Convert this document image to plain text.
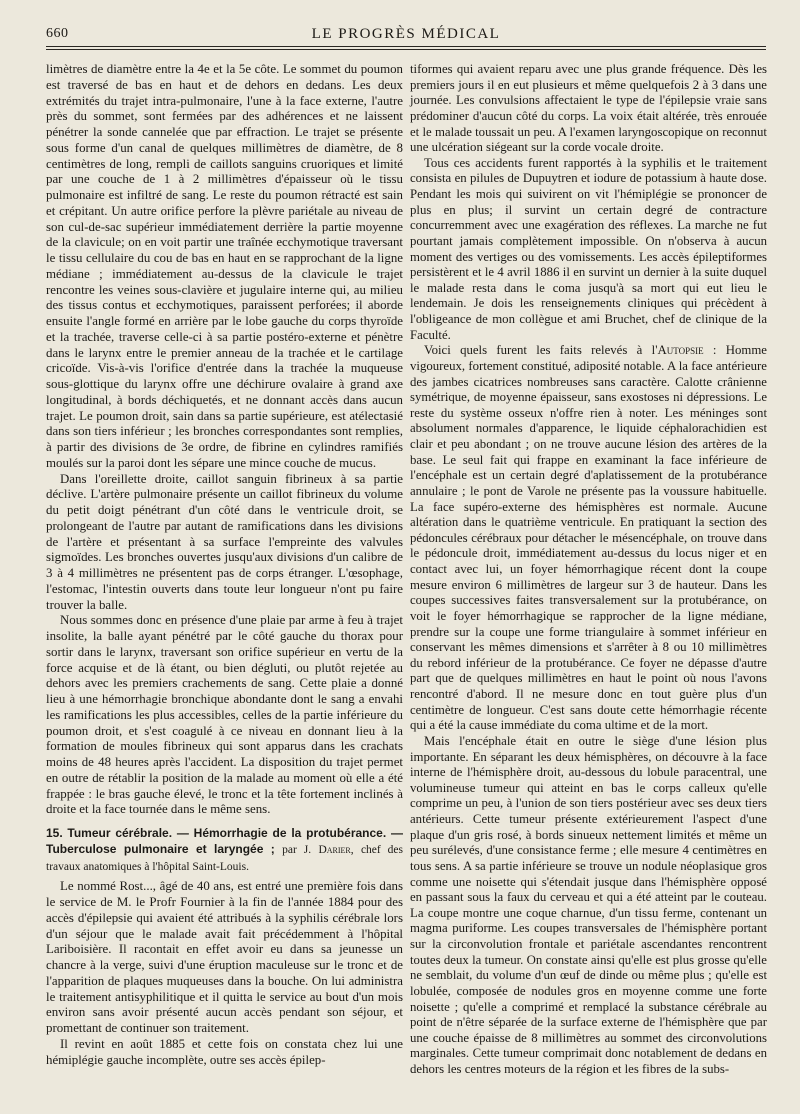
660	LE PROGRÈS MÉDICAL

limètres de diamètre entre la 4e et la 5e côte. Le sommet du poumon est traversé de bas en haut et de dehors en dedans. Les deux extrémités du trajet intra-pulmonaire, l'une à la face externe, l'autre près du sommet, sont fermées par des adhérences et ne laissent pénétrer la sonde cannelée que par effraction. Le trajet se présente sous forme d'un canal de quelques millimètres de diamètre, de 8 centimètres de long, rempli de caillots sanguins cruoriques et limité par une couche de 1 à 2 millimètres d'épaisseur où le tissu pulmonaire est infiltré de sang. Le reste du poumon rétracté est sain et crépitant. Un autre orifice perfore la plèvre pariétale au niveau de son cul-de-sac supérieur immédiatement derrière la partie moyenne de la clavicule; on en voit partir une traînée ecchymotique traversant le tissu cellulaire du cou de bas en haut en se rapprochant de la ligne médiane ; immédiatement au-dessus de la clavicule le trajet rencontre les veines sous-clavière et jugulaire interne qui, au milieu des tissus contus et ecchymotiques, paraissent perforées; il aborde ensuite l'angle formé en arrière par le lobe gauche du corps thyroïde et la trachée, traverse celle-ci à sa partie postéro-externe et pénètre dans le larynx entre le premier anneau de la trachée et le cartilage cricoïde. Vis-à-vis l'orifice d'entrée dans la trachée la muqueuse sous-glottique du larynx offre une déchirure ovalaire à grand axe longitudinal, à bords déchiquetés, et ne donnant accès dans aucun trajet. Le poumon droit, sain dans sa partie supérieure, est atélectasié dans son tiers inférieur ; les bronches correspondantes sont remplies, à partir des divisions de 3e ordre, de fibrine en cylindres ramifiés moulés sur la paroi dont les sépare une mince couche de mucus.

Dans l'oreillette droite, caillot sanguin fibrineux à sa partie déclive. L'artère pulmonaire présente un caillot fibrineux du volume du petit doigt pénétrant d'un côté dans le ventricule droit, se prolongeant de l'autre par autant de ramifications dans les divisions de l'artère et présentant à sa surface l'empreinte des valvules sigmoïdes. Les bronches ouvertes jusqu'aux divisions d'un calibre de 3 à 4 millimètres ne présentent pas de corps étranger. L'œsophage, l'estomac, l'intestin ouverts dans toute leur longueur n'ont pu faire trouver la balle.

Nous sommes donc en présence d'une plaie par arme à feu à trajet insolite, la balle ayant pénétré par le côté gauche du thorax pour sortir dans le larynx, traversant son orifice supérieur en vertu de la force acquise et de là étant, ou bien dégluti, ou plutôt rejetée au dehors avec les premiers crachements de sang. Cette plaie a donné lieu à une hémorrhagie bronchique abondante dont le sang a envahi les ramifications les plus accessibles, celles de la partie inférieure du poumon droit, et s'est coagulé à ce niveau en donnant lieu à la formation de moules fibrineux qui sont apparus dans les crachats moins de 48 heures après l'accident. La disposition du trajet permet en outre de rétablir la position de la malade au moment où elle a été frappée : le bras gauche élevé, le tronc et la tête fortement inclinés à droite et la face tournée dans le même sens.

15. Tumeur cérébrale. — Hémorrhagie de la protubérance. — Tuberculose pulmonaire et laryngée ; par J. Darier, chef des travaux anatomiques à l'hôpital Saint-Louis.

Le nommé Rost..., âgé de 40 ans, est entré une première fois dans le service de M. le Profr Fournier à la fin de l'année 1884 pour des accès d'épilepsie qui avaient été attribués à la syphilis cérébrale lors d'un séjour que le malade avait fait précédemment à l'hôpital Lariboisière. Il racontait en effet avoir eu dans sa jeunesse un chancre à la verge, suivi d'une éruption maculeuse sur le tronc et de l'apparition de plaques muqueuses dans la bouche. On lui administra le traitement antisyphilitique et il quitta le service au bout d'un mois environ sans avoir présenté aucun accès pendant son séjour, et promettant de continuer son traitement.

Il revint en août 1885 et cette fois on constata chez lui une hémiplégie gauche incomplète, outre ses accès épilep-

tiformes qui avaient reparu avec une plus grande fréquence. Dès les premiers jours il en eut plusieurs et même quelquefois 2 à 3 dans une journée. Les convulsions affectaient le type de l'épilepsie vraie sans prédominer d'aucun côté du corps. La voix était altérée, très enrouée et le malade toussait un peu. A l'examen laryngoscopique on reconnut une ulcération siégeant sur la corde vocale droite.

Tous ces accidents furent rapportés à la syphilis et le traitement consista en pilules de Dupuytren et iodure de potassium à haute dose. Pendant les mois qui suivirent on vit l'hémiplégie se prononcer de plus en plus; il survint un certain degré de contracture concurremment avec une exagération des réflexes. La marche ne fut pourtant jamais complètement impossible. On n'observa à aucun moment des vertiges ou des vomissements. Les accès épileptiformes persistèrent et le 4 avril 1886 il en survint un dernier à la suite duquel le malade resta dans le coma jusqu'à sa mort qui eut lieu le lendemain. Je dois les renseignements cliniques qui précèdent à l'obligeance de mon collègue et ami Bruchet, chef de clinique de la Faculté.

Voici quels furent les faits relevés à l'Autopsie : Homme vigoureux, fortement constitué, adiposité notable. A la face antérieure des jambes cicatrices nombreuses sans caractère. Calotte crânienne symétrique, de moyenne épaisseur, sans exostoses ni dépressions. Le reste du système osseux n'offre rien à noter. Les méninges sont absolument normales d'apparence, le liquide céphalorachidien est clair et peu abondant ; on ne trouve aucune lésion des artères de la base. Le seul fait qui frappe en examinant la face inférieure de l'encéphale est un certain degré d'aplatissement de la protubérance annulaire ; le pont de Varole ne présente pas la voussure habituelle. La face supéro-externe des hémisphères est normale. Aucune altération dans le quatrième ventricule. En pratiquant la section des pédoncules cérébraux pour détacher le mésencéphale, on trouve dans le pédoncule droit, immédiatement au-dessus du locus niger et en contact avec lui, un foyer hémorrhagique récent dont la coupe mesure environ 6 millimètres de largeur sur 3 de hauteur. Dans les coupes successives faites transversalement sur la protubérance, on voit le foyer hémorrhagique se rapprocher de la ligne médiane, prendre sur la coupe une forme triangulaire à sommet inférieur en conservant les mêmes dimensions et s'arrêter à 8 ou 10 millimètres du rebord inférieur de la protubérance. Ce foyer ne dépasse d'autre part que de quelques millimètres en haut le point où nous l'avons rencontré d'abord. Il ne mesure donc en tout guère plus d'un centimètre de longueur. C'est sans doute cette hémorrhagie récente qui a été la cause immédiate du coma ultime et de la mort.

Mais l'encéphale était en outre le siège d'une lésion plus importante. En séparant les deux hémisphères, on découvre à la face interne de l'hémisphère droit, au-dessous du lobule paracentral, une volumineuse tumeur qui atteint en bas le corps calleux qu'elle comprime un peu, à l'union de son tiers postérieur avec ses deux tiers antérieurs. Cette tumeur présente extérieurement l'aspect d'une plaque d'un gris rosé, à bords sinueux nettement limités et même un peu surélevés, d'une consistance ferme ; elle mesure 4 centimètres en tous sens. A sa partie inférieure se trouve un nodule néoplasique gros comme une noisette qui s'étendait jusque dans l'hémisphère opposé en passant sous la faux du cerveau et qui a été atteint par le couteau. La coupe montre une coque charnue, d'un tissu ferme, contenant un magma puriforme. Les coupes transversales de l'hémisphère portant sur la circonvolution frontale et pariétale ascendantes rencontrent toutes deux la tumeur. On constate ainsi qu'elle est plus grosse qu'elle ne semblait, du volume d'un œuf de dinde ou même plus ; qu'elle est lobulée, composée de nodules gros en moyenne comme une forte noisette ; qu'elle a comprimé et remplacé la substance cérébrale au point de n'être séparée de la surface externe de l'hémisphère que par une couche épaisse de 8 millimètres au sommet des circonvolutions marginales. Cette tumeur comprimait donc notablement de dedans en dehors les centres moteurs de la région et les fibres de la subs-
